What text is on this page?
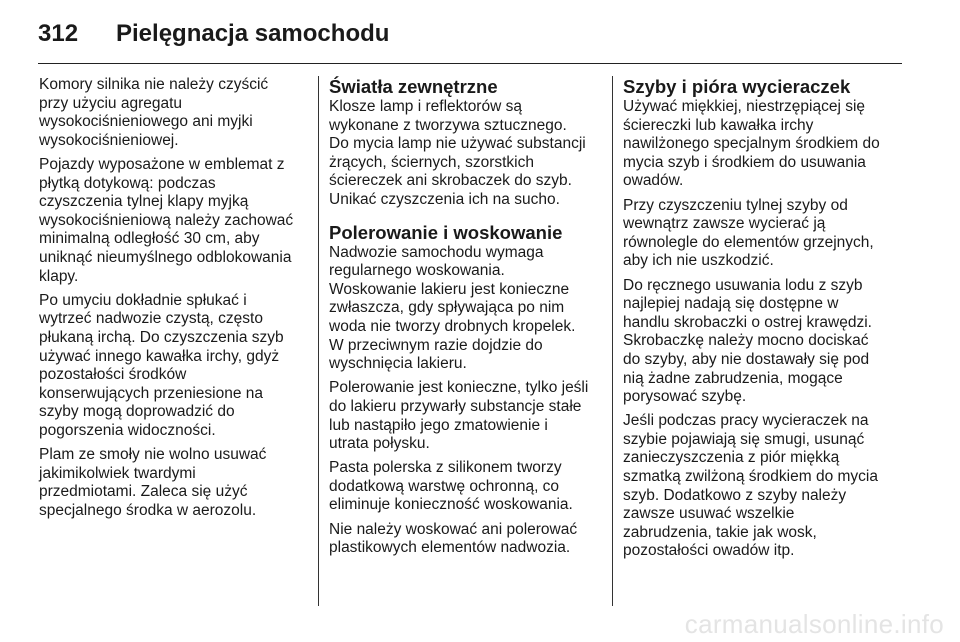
312	Pielęgnacja samochodu

Komory silnika nie należy czyścić
przy użyciu agregatu
wysokociśnieniowego ani myjki
wysokociśnieniowej.

Pojazdy wyposażone w emblemat z
płytką dotykową: podczas
czyszczenia tylnej klapy myjką
wysokociśnieniową należy zachować
minimalną odległość 30 cm, aby
uniknąć nieumyślnego odblokowania
klapy.

Po umyciu dokładnie spłukać i
wytrzeć nadwozie czystą, często
płukaną irchą. Do czyszczenia szyb
używać innego kawałka irchy, gdyż
pozostałości środków
konserwujących przeniesione na
szyby mogą doprowadzić do
pogorszenia widoczności.

Plam ze smoły nie wolno usuwać
jakimikolwiek twardymi
przedmiotami. Zaleca się użyć
specjalnego środka w aerozolu.

Światła zewnętrzne

Klosze lamp i reflektorów są
wykonane z tworzywa sztucznego.
Do mycia lamp nie używać substancji
żrących, ściernych, szorstkich
ściereczek ani skrobaczek do szyb.
Unikać czyszczenia ich na sucho.

Polerowanie i woskowanie

Nadwozie samochodu wymaga
regularnego woskowania.
Woskowanie lakieru jest konieczne
zwłaszcza, gdy spływająca po nim
woda nie tworzy drobnych kropelek.
W przeciwnym razie dojdzie do
wyschnięcia lakieru.

Polerowanie jest konieczne, tylko jeśli
do lakieru przywarły substancje stałe
lub nastąpiło jego zmatowienie i
utrata połysku.

Pasta polerska z silikonem tworzy
dodatkową warstwę ochronną, co
eliminuje konieczność woskowania.

Nie należy woskować ani polerować
plastikowych elementów nadwozia.

Szyby i pióra wycieraczek

Używać miękkiej, niestrzępiącej się
ściereczki lub kawałka irchy
nawilżonego specjalnym środkiem do
mycia szyb i środkiem do usuwania
owadów.

Przy czyszczeniu tylnej szyby od
wewnątrz zawsze wycierać ją
równolegle do elementów grzejnych,
aby ich nie uszkodzić.

Do ręcznego usuwania lodu z szyb
najlepiej nadają się dostępne w
handlu skrobaczki o ostrej krawędzi.
Skrobaczkę należy mocno dociskać
do szyby, aby nie dostawały się pod
nią żadne zabrudzenia, mogące
porysować szybę.

Jeśli podczas pracy wycieraczek na
szybie pojawiają się smugi, usunąć
zanieczyszczenia z piór miękką
szmatką zwilżoną środkiem do mycia
szyb. Dodatkowo z szyby należy
zawsze usuwać wszelkie
zabrudzenia, takie jak wosk,
pozostałości owadów itp.

carmanualsonline.info
